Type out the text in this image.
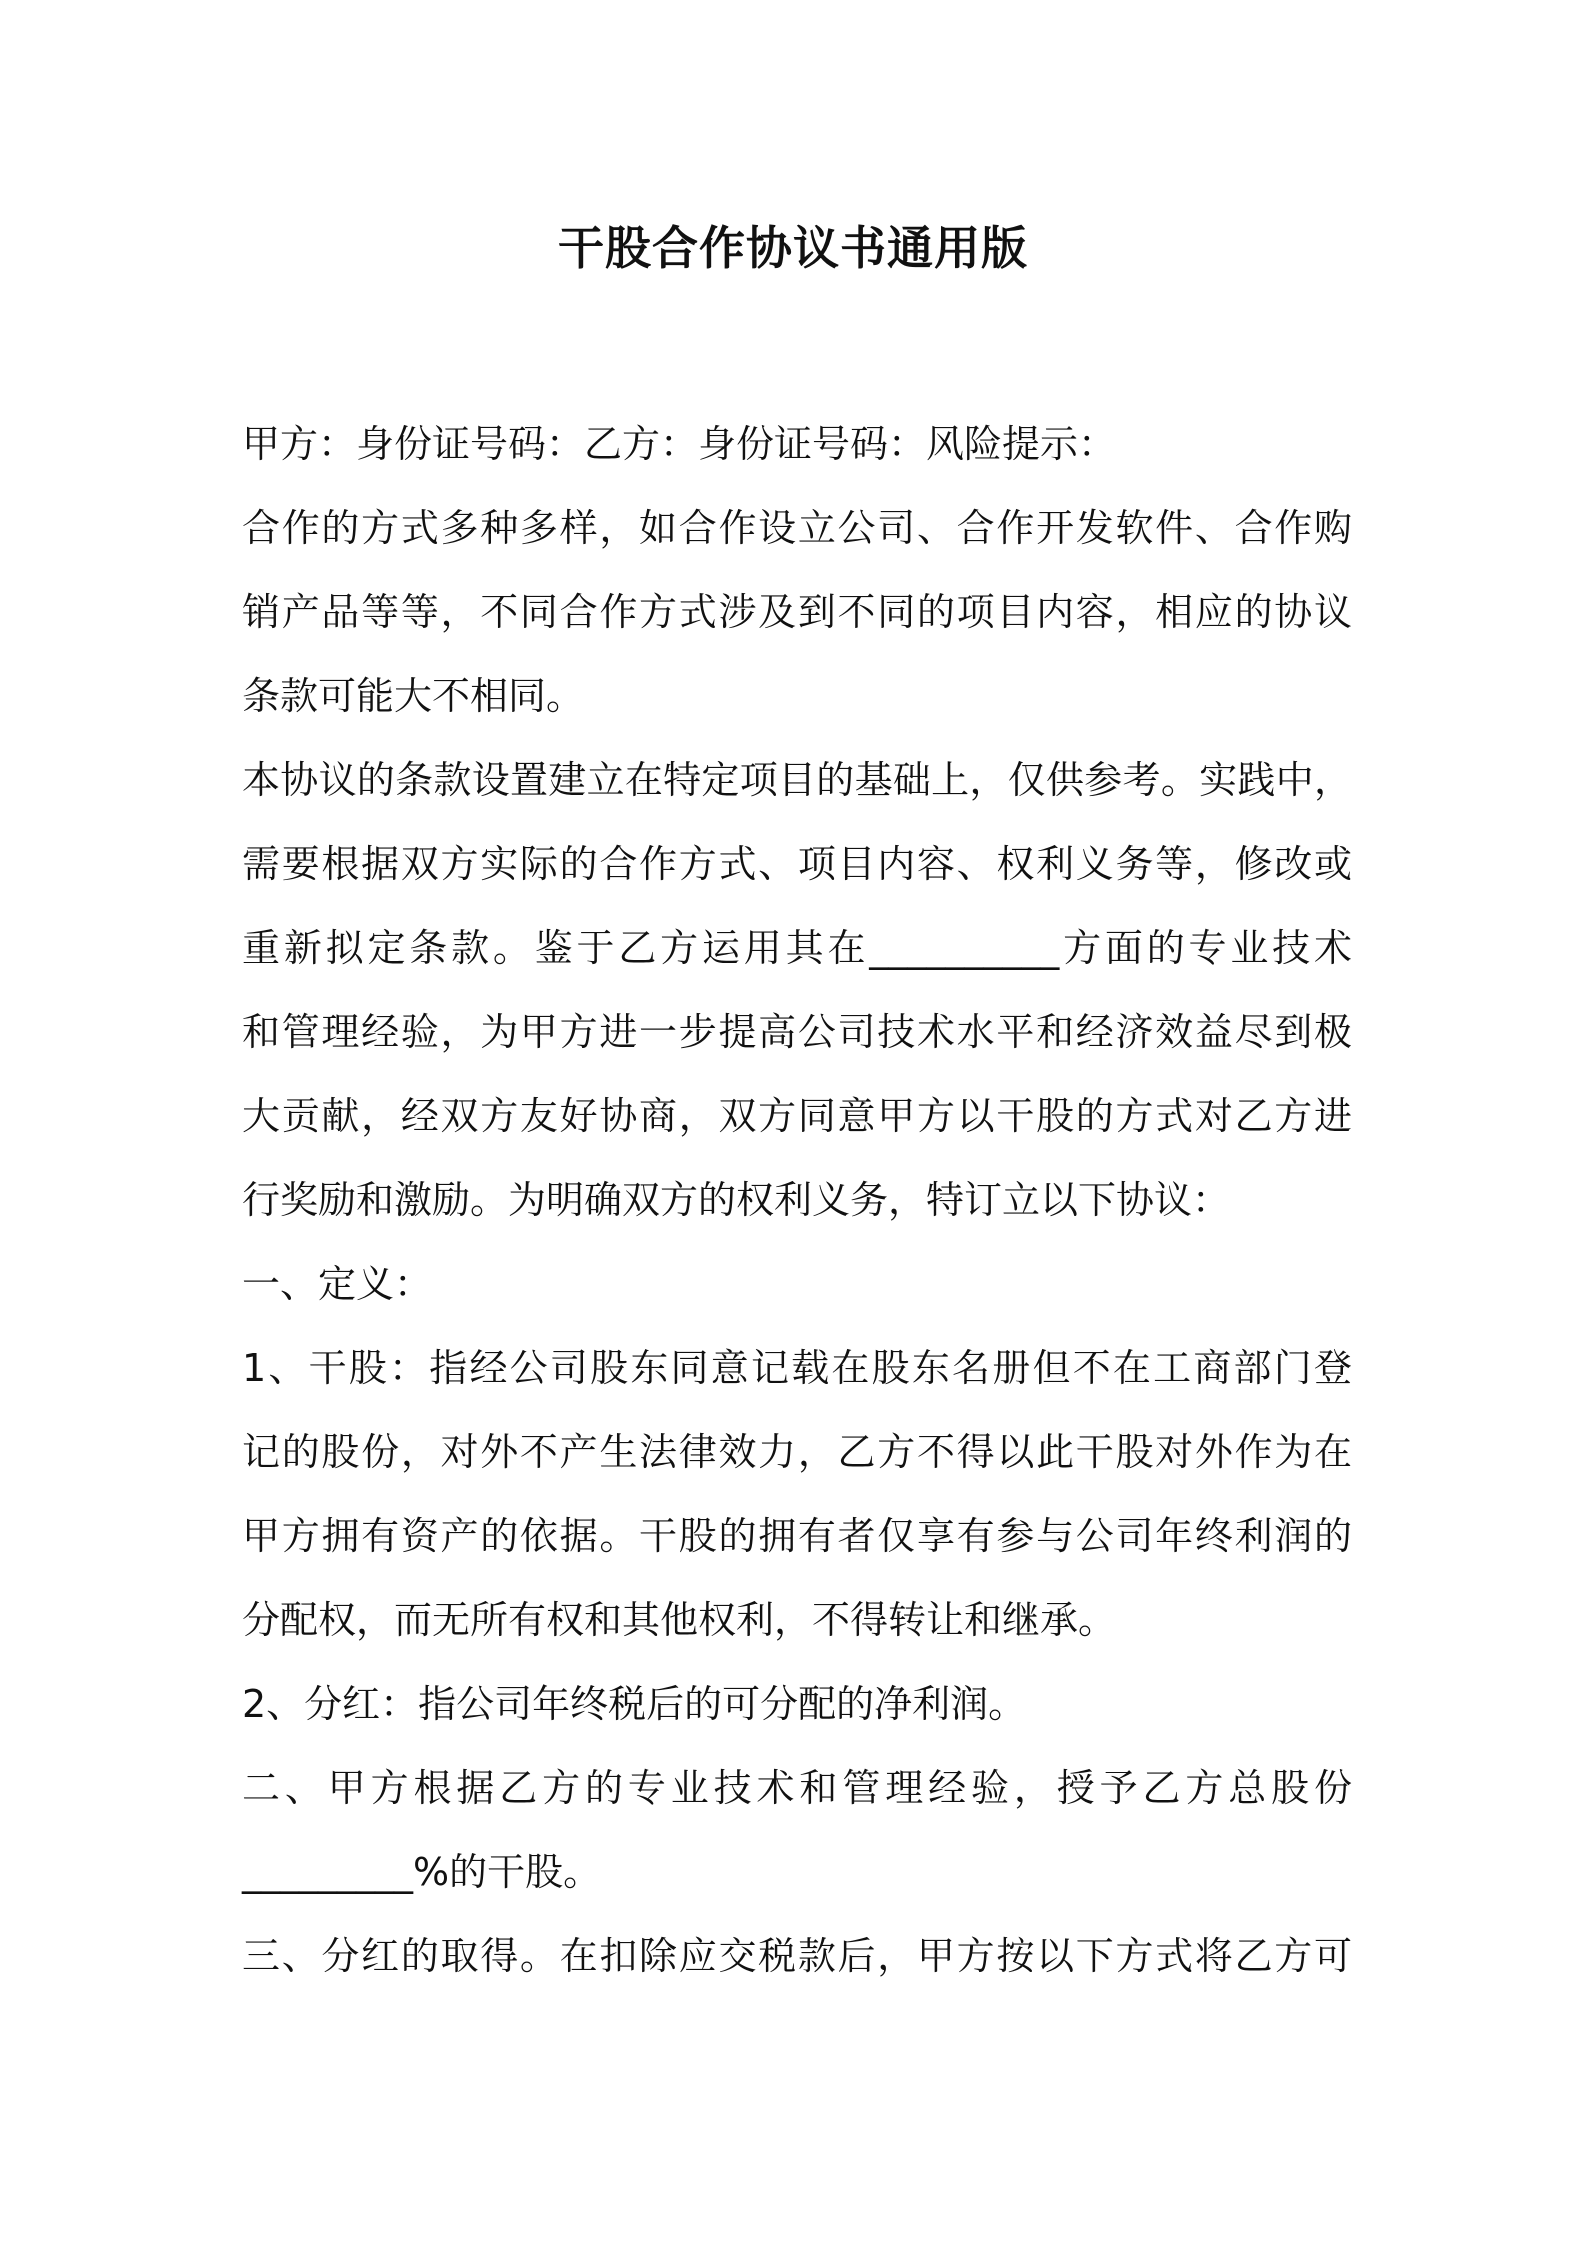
干股合作协议书通用版
甲方：身份证号码：乙方：身份证号码：风险提示：
合作的方式多种多样，如合作设立公司、合作开发软件、合作购
销产品等等，不同合作方式涉及到不同的项目内容，相应的协议
条款可能大不相同。
本协议的条款设置建立在特定项目的基础上，仅供参考。实践中，
需要根据双方实际的合作方式、项目内容、权利义务等，修改或
重新拟定条款。鉴于乙方运用其在__________方面的专业技术
和管理经验，为甲方进一步提高公司技术水平和经济效益尽到极
大贡献，经双方友好协商，双方同意甲方以干股的方式对乙方进
行奖励和激励。为明确双方的权利义务，特订立以下协议：
一、定义：
1、干股：指经公司股东同意记载在股东名册但不在工商部门登
记的股份，对外不产生法律效力，乙方不得以此干股对外作为在
甲方拥有资产的依据。干股的拥有者仅享有参与公司年终利润的
分配权，而无所有权和其他权利，不得转让和继承。
2、分红：指公司年终税后的可分配的净利润。
二、甲方根据乙方的专业技术和管理经验，授予乙方总股份
_________%的干股。
三、分红的取得。在扣除应交税款后，甲方按以下方式将乙方可
